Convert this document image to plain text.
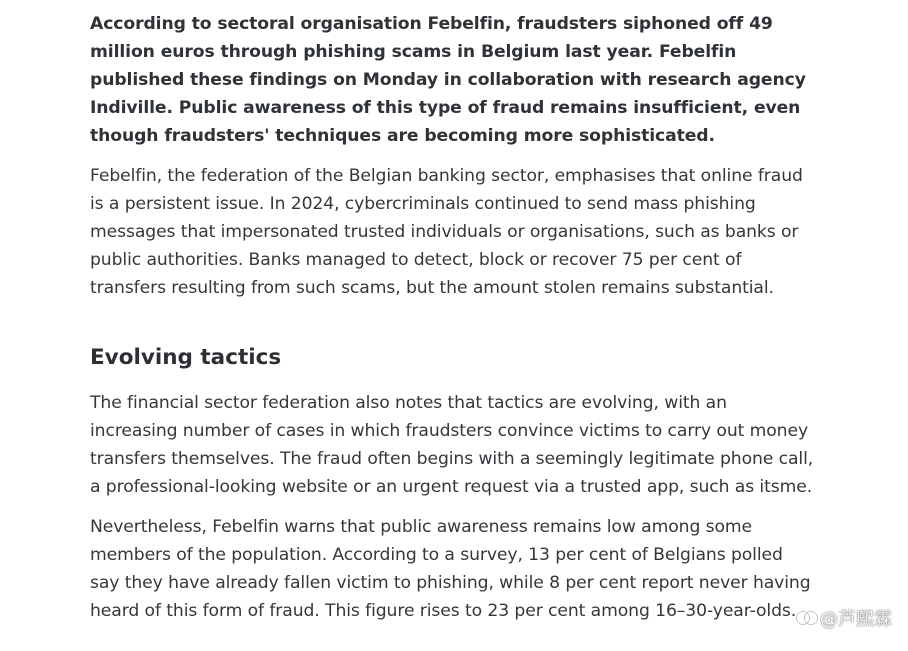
According to sectoral organisation Febelfin, fraudsters siphoned off 49 million euros through phishing scams in Belgium last year. Febelfin published these findings on Monday in collaboration with research agency Indiville. Public awareness of this type of fraud remains insufficient, even though fraudsters' techniques are becoming more sophisticated.

Febelfin, the federation of the Belgian banking sector, emphasises that online fraud is a persistent issue. In 2024, cybercriminals continued to send mass phishing messages that impersonated trusted individuals or organisations, such as banks or public authorities. Banks managed to detect, block or recover 75 per cent of transfers resulting from such scams, but the amount stolen remains substantial.

Evolving tactics

The financial sector federation also notes that tactics are evolving, with an increasing number of cases in which fraudsters convince victims to carry out money transfers themselves. The fraud often begins with a seemingly legitimate phone call, a professional-looking website or an urgent request via a trusted app, such as itsme.

Nevertheless, Febelfin warns that public awareness remains low among some members of the population. According to a survey, 13 per cent of Belgians polled say they have already fallen victim to phishing, while 8 per cent report never having heard of this form of fraud. This figure rises to 23 per cent among 16–30-year-olds.	@芦熙霖
